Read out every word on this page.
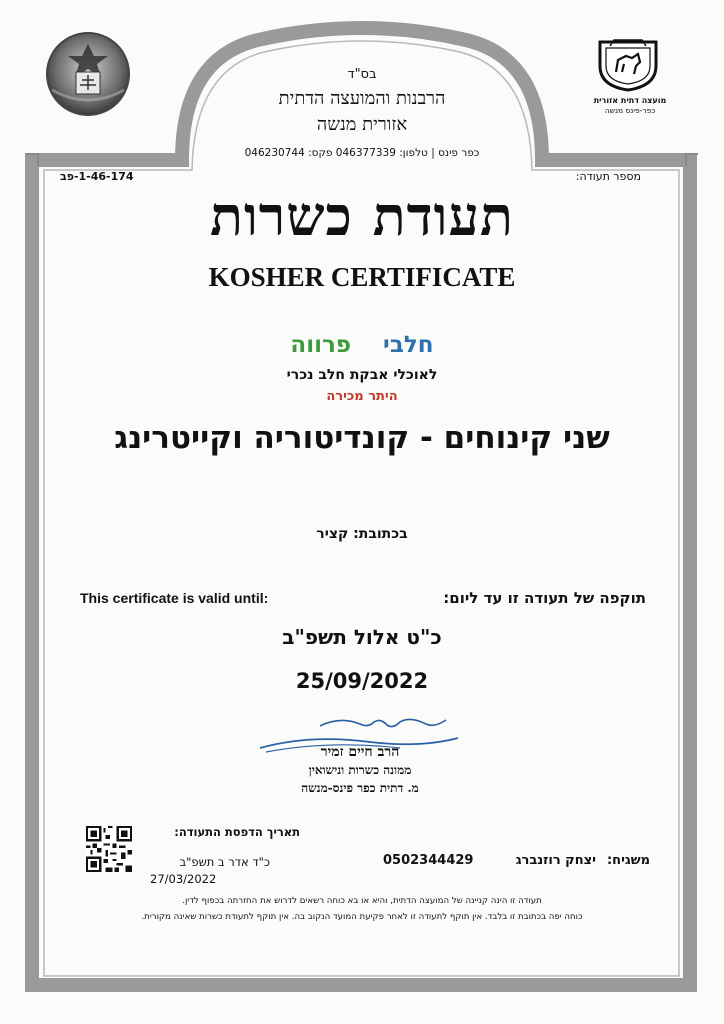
מועצה דתית אזורית
כפר-פינס מנשה
בס"ד
הרבנות והמועצה הדתית
אזורית מנשה
כפר פינס | טלפון: 046377339 פקס: 046230744
מספר תעודה:
1-46-174-פב
תעודת כשרות
KOSHER CERTIFICATE
חלבי    פרווה
לאוכלי אבקת חלב נכרי
היתר מכירה
שני קינוחים - קונדיטוריה וקייטרינג
בכתובת: קציר
This certificate is valid until:	תוקפה של תעודה זו עד ליום:
כ"ט אלול תשפ"ב
25/09/2022
הרב חיים זמיר
ממונה כשרות ונישואין
מ. דתית כפר פינס-מנשה
תאריך הדפסת התעודה:
כ"ד אדר ב תשפ"ב
27/03/2022
משגיח:
יצחק רוזנברג
0502344429
תעודה זו הינה קניינה של המועצה הדתית, והיא או בא כוחה רשאים לדרוש את החזרתה בכפוף לדין.
כוחה יפה בכתובת זו בלבד. אין תוקף לתעודה זו לאחר פקיעת המועד הנקוב בה. אין תוקף לתעודת כשרות שאינה מקורית.
